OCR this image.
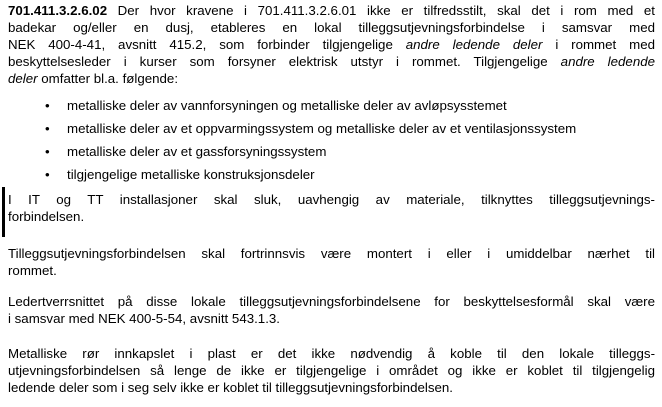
701.411.3.2.6.02 Der hvor kravene i 701.411.3.2.6.01 ikke er tilfredsstilt, skal det i rom med et
badekar og/eller en dusj, etableres en lokal tilleggsutjevningsforbindelse i samsvar med
NEK 400-4-41, avsnitt 415.2, som forbinder tilgjengelige andre ledende deler i rommet med
beskyttelsesleder i kurser som forsyner elektrisk utstyr i rommet. Tilgjengelige andre ledende
deler omfatter bl.a. følgende:
• metalliske deler av vannforsyningen og metalliske deler av avløpsysstemet
• metalliske deler av et oppvarmingssystem og metalliske deler av et ventilasjonssystem
• metalliske deler av et gassforsyningssystem
• tilgjengelige metalliske konstruksjonsdeler
I IT og TT installasjoner skal sluk, uavhengig av materiale, tilknyttes tilleggsutjevnings-
forbindelsen.
Tilleggsutjevningsforbindelsen skal fortrinnsvis være montert i eller i umiddelbar nærhet til
rommet.
Ledertverrsnittet på disse lokale tilleggsutjevningsforbindelsene for beskyttelsesformål skal være
i samsvar med NEK 400-5-54, avsnitt 543.1.3.
Metalliske rør innkapslet i plast er det ikke nødvendig å koble til den lokale tilleggs-
utjevningsforbindelsen så lenge de ikke er tilgjengelige i området og ikke er koblet til tilgjengelig
ledende deler som i seg selv ikke er koblet til tilleggsutjevningsforbindelsen.
